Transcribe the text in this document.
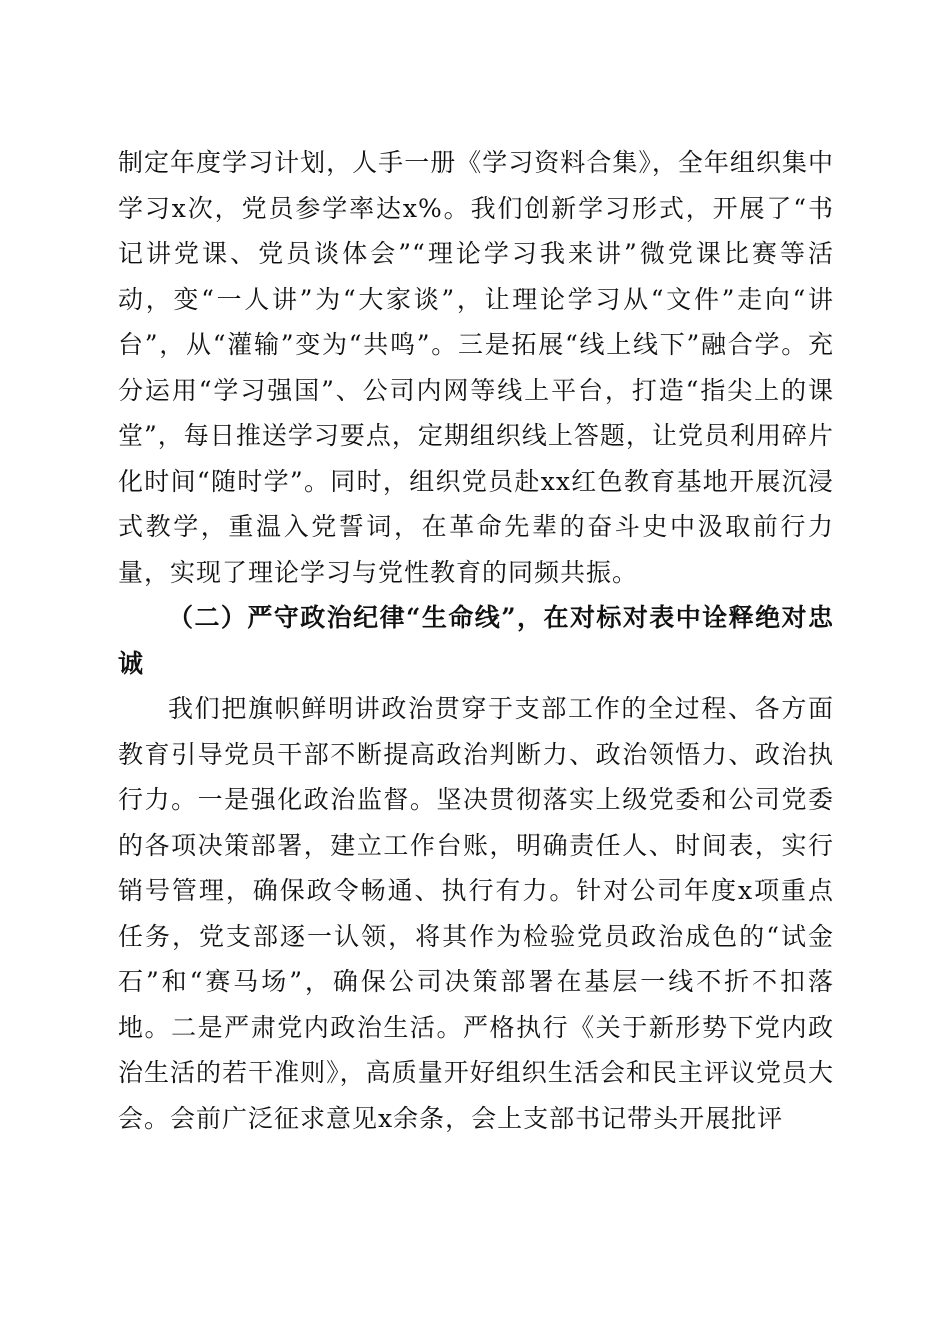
制定年度学习计划，人手一册《学习资料合集》，全年组织集中学习x次，党员参学率达x%。我们创新学习形式，开展了“书记讲党课、党员谈体会”“理论学习我来讲”微党课比赛等活动，变“一人讲”为“大家谈”，让理论学习从“文件”走向“讲台”，从“灌输”变为“共鸣”。三是拓展“线上线下”融合学。充分运用“学习强国”、公司内网等线上平台，打造“指尖上的课堂”，每日推送学习要点，定期组织线上答题，让党员利用碎片化时间“随时学”。同时，组织党员赴xx红色教育基地开展沉浸式教学，重温入党誓词，在革命先辈的奋斗史中汲取前行力量，实现了理论学习与党性教育的同频共振。

（二）严守政治纪律“生命线”，在对标对表中诠释绝对忠诚

我们把旗帜鲜明讲政治贯穿于支部工作的全过程、各方面教育引导党员干部不断提高政治判断力、政治领悟力、政治执行力。一是强化政治监督。坚决贯彻落实上级党委和公司党委的各项决策部署，建立工作台账，明确责任人、时间表，实行销号管理，确保政令畅通、执行有力。针对公司年度x项重点任务，党支部逐一认领，将其作为检验党员政治成色的“试金石”和“赛马场”，确保公司决策部署在基层一线不折不扣落地。二是严肃党内政治生活。严格执行《关于新形势下党内政治生活的若干准则》，高质量开好组织生活会和民主评议党员大会。会前广泛征求意见x余条，会上支部书记带头开展批评
